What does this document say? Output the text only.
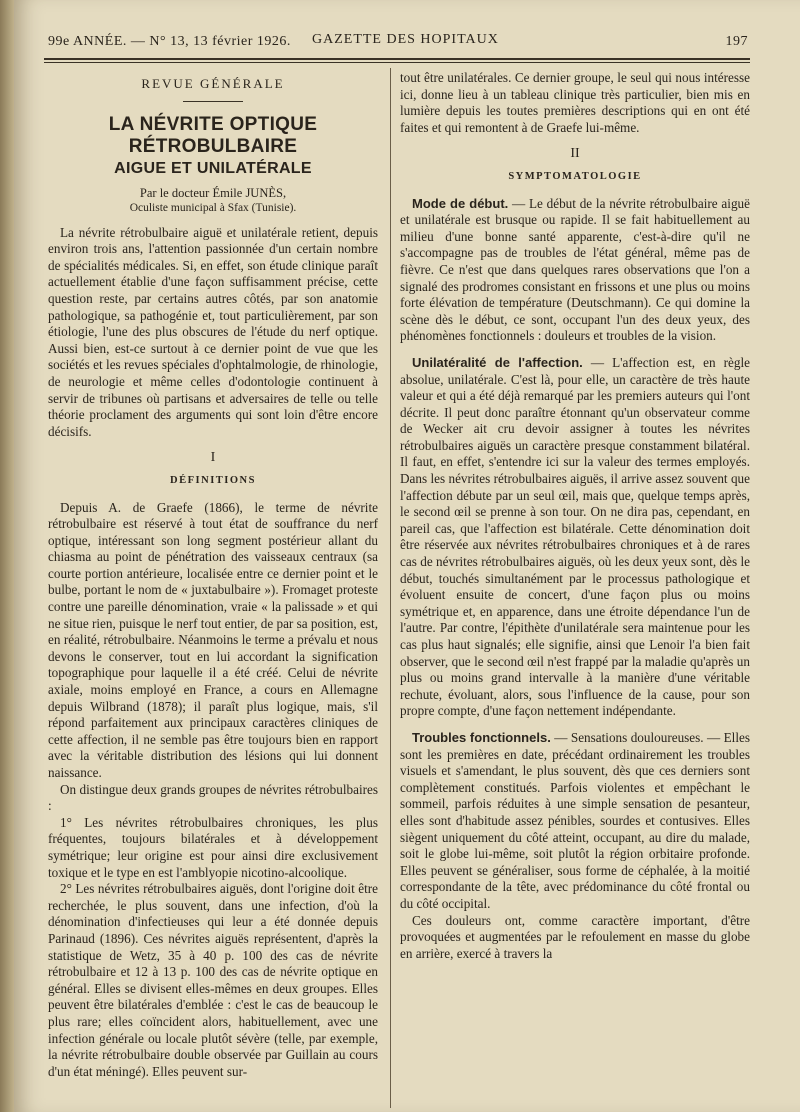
99e ANNÉE. — N° 13, 13 février 1926. GAZETTE DES HOPITAUX	197
REVUE GÉNÉRALE
LA NÉVRITE OPTIQUE RÉTROBULBAIRE
AIGUE ET UNILATÉRALE
Par le docteur Émile JUNÈS,
Oculiste municipal à Sfax (Tunisie).

La névrite rétrobulbaire aiguë et unilatérale retient, depuis environ trois ans, l'attention passionnée d'un certain nombre de spécialités médicales. Si, en effet, son étude clinique paraît actuellement établie d'une façon suffisamment précise, cette question reste, par certains autres côtés, par son anatomie pathologique, sa pathogénie et, tout particulièrement, par son étiologie, l'une des plus obscures de l'étude du nerf optique. Aussi bien, est-ce surtout à ce dernier point de vue que les sociétés et les revues spéciales d'ophtalmologie, de rhinologie, de neurologie et même celles d'odontologie continuent à servir de tribunes où partisans et adversaires de telle ou telle théorie proclament des arguments qui sont loin d'être encore décisifs.

I
DÉFINITIONS

Depuis A. de Graefe (1866), le terme de névrite rétrobulbaire est réservé à tout état de souffrance du nerf optique, intéressant son long segment postérieur allant du chiasma au point de pénétration des vaisseaux centraux (sa courte portion antérieure, localisée entre ce dernier point et le bulbe, portant le nom de « juxtabulbaire »). Fromaget proteste contre une pareille dénomination, vraie « la palissade » et qui ne situe rien, puisque le nerf tout entier, de par sa position, est, en réalité, rétrobulbaire. Néanmoins le terme a prévalu et nous devons le conserver, tout en lui accordant la signification topographique pour laquelle il a été créé. Celui de névrite axiale, moins employé en France, a cours en Allemagne depuis Wilbrand (1878); il paraît plus logique, mais, s'il répond parfaitement aux principaux caractères cliniques de cette affection, il ne semble pas être toujours bien en rapport avec la véritable distribution des lésions qui lui donnent naissance.

On distingue deux grands groupes de névrites rétrobulbaires :

1° Les névrites rétrobulbaires chroniques, les plus fréquentes, toujours bilatérales et à développement symétrique; leur origine est pour ainsi dire exclusivement toxique et le type en est l'amblyopie nicotino-alcoolique.

2° Les névrites rétrobulbaires aiguës, dont l'origine doit être recherchée, le plus souvent, dans une infection, d'où la dénomination d'infectieuses qui leur a été donnée depuis Parinaud (1896). Ces névrites aiguës représentent, d'après la statistique de Wetz, 35 à 40 p. 100 des cas de névrite rétrobulbaire et 12 à 13 p. 100 des cas de névrite optique en général. Elles se divisent elles-mêmes en deux groupes. Elles peuvent être bilatérales d'emblée : c'est le cas de beaucoup le plus rare; elles coïncident alors, habituellement, avec une infection générale ou locale plutôt sévère (telle, par exemple, la névrite rétrobulbaire double observée par Guillain au cours d'un état méningé). Elles peuvent sur-

tout être unilatérales. Ce dernier groupe, le seul qui nous intéresse ici, donne lieu à un tableau clinique très particulier, bien mis en lumière depuis les toutes premières descriptions qui en ont été faites et qui remontent à de Graefe lui-même.

II
SYMPTOMATOLOGIE

Mode de début. — Le début de la névrite rétrobulbaire aiguë et unilatérale est brusque ou rapide. Il se fait habituellement au milieu d'une bonne santé apparente, c'est-à-dire qu'il ne s'accompagne pas de troubles de l'état général, même pas de fièvre. Ce n'est que dans quelques rares observations que l'on a signalé des prodromes consistant en frissons et une plus ou moins forte élévation de température (Deutschmann). Ce qui domine la scène dès le début, ce sont, occupant l'un des deux yeux, des phénomènes fonctionnels : douleurs et troubles de la vision.

Unilatéralité de l'affection. — L'affection est, en règle absolue, unilatérale. C'est là, pour elle, un caractère de très haute valeur et qui a été déjà remarqué par les premiers auteurs qui l'ont décrite. Il peut donc paraître étonnant qu'un observateur comme de Wecker ait cru devoir assigner à toutes les névrites rétrobulbaires aiguës un caractère presque constamment bilatéral. Il faut, en effet, s'entendre ici sur la valeur des termes employés. Dans les névrites rétrobulbaires aiguës, il arrive assez souvent que l'affection débute par un seul œil, mais que, quelque temps après, le second œil se prenne à son tour. On ne dira pas, cependant, en pareil cas, que l'affection est bilatérale. Cette dénomination doit être réservée aux névrites rétrobulbaires chroniques et à de rares cas de névrites rétrobulbaires aiguës, où les deux yeux sont, dès le début, touchés simultanément par le processus pathologique et évoluent ensuite de concert, d'une façon plus ou moins symétrique et, en apparence, dans une étroite dépendance l'un de l'autre. Par contre, l'épithète d'unilatérale sera maintenue pour les cas plus haut signalés; elle signifie, ainsi que Lenoir l'a bien fait observer, que le second œil n'est frappé par la maladie qu'après un plus ou moins grand intervalle à la manière d'une véritable rechute, évoluant, alors, sous l'influence de la cause, pour son propre compte, d'une façon nettement indépendante.

Troubles fonctionnels. — Sensations douloureuses. — Elles sont les premières en date, précédant ordinairement les troubles visuels et s'amendant, le plus souvent, dès que ces derniers sont complètement constitués. Parfois violentes et empêchant le sommeil, parfois réduites à une simple sensation de pesanteur, elles sont d'habitude assez pénibles, sourdes et contusives. Elles siègent uniquement du côté atteint, occupant, au dire du malade, soit le globe lui-même, soit plutôt la région orbitaire profonde. Elles peuvent se généraliser, sous forme de céphalée, à la moitié correspondante de la tête, avec prédominance du côté frontal ou du côté occipital.

Ces douleurs ont, comme caractère important, d'être provoquées et augmentées par le refoulement en masse du globe en arrière, exercé à travers la
